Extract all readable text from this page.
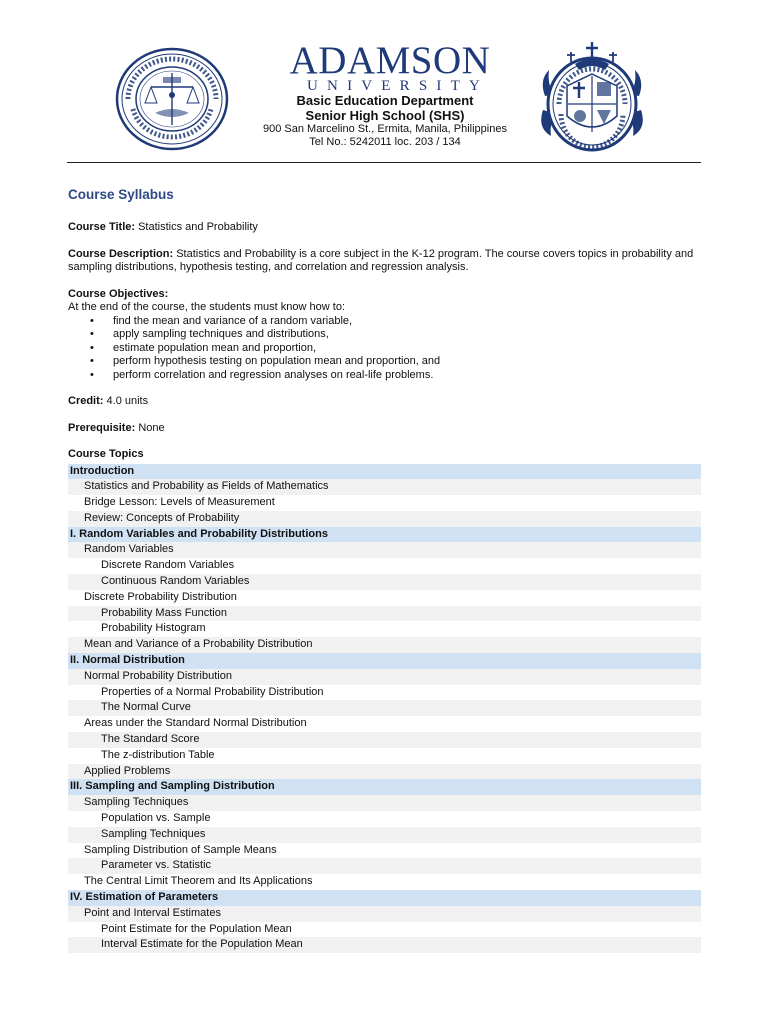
ADAMSON
UNIVERSITY
Basic Education Department
Senior High School (SHS)
900 San Marcelino St., Ermita, Manila, Philippines
Tel No.: 5242011 loc. 203 / 134
Course Syllabus
Course Title: Statistics and Probability
Course Description: Statistics and Probability is a core subject in the K-12 program. The course covers topics in probability and sampling distributions, hypothesis testing, and correlation and regression analysis.
Course Objectives:
At the end of the course, the students must know how to:
• find the mean and variance of a random variable,
• apply sampling techniques and distributions,
• estimate population mean and proportion,
• perform hypothesis testing on population mean and proportion, and
• perform correlation and regression analyses on real-life problems.
Credit: 4.0 units
Prerequisite: None
Course Topics
Introduction
Statistics and Probability as Fields of Mathematics
Bridge Lesson: Levels of Measurement
Review: Concepts of Probability
I. Random Variables and Probability Distributions
Random Variables
Discrete Random Variables
Continuous Random Variables
Discrete Probability Distribution
Probability Mass Function
Probability Histogram
Mean and Variance of a Probability Distribution
II. Normal Distribution
Normal Probability Distribution
Properties of a Normal Probability Distribution
The Normal Curve
Areas under the Standard Normal Distribution
The Standard Score
The z-distribution Table
Applied Problems
III. Sampling and Sampling Distribution
Sampling Techniques
Population vs. Sample
Sampling Techniques
Sampling Distribution of Sample Means
Parameter vs. Statistic
The Central Limit Theorem and Its Applications
IV. Estimation of Parameters
Point and Interval Estimates
Point Estimate for the Population Mean
Interval Estimate for the Population Mean
